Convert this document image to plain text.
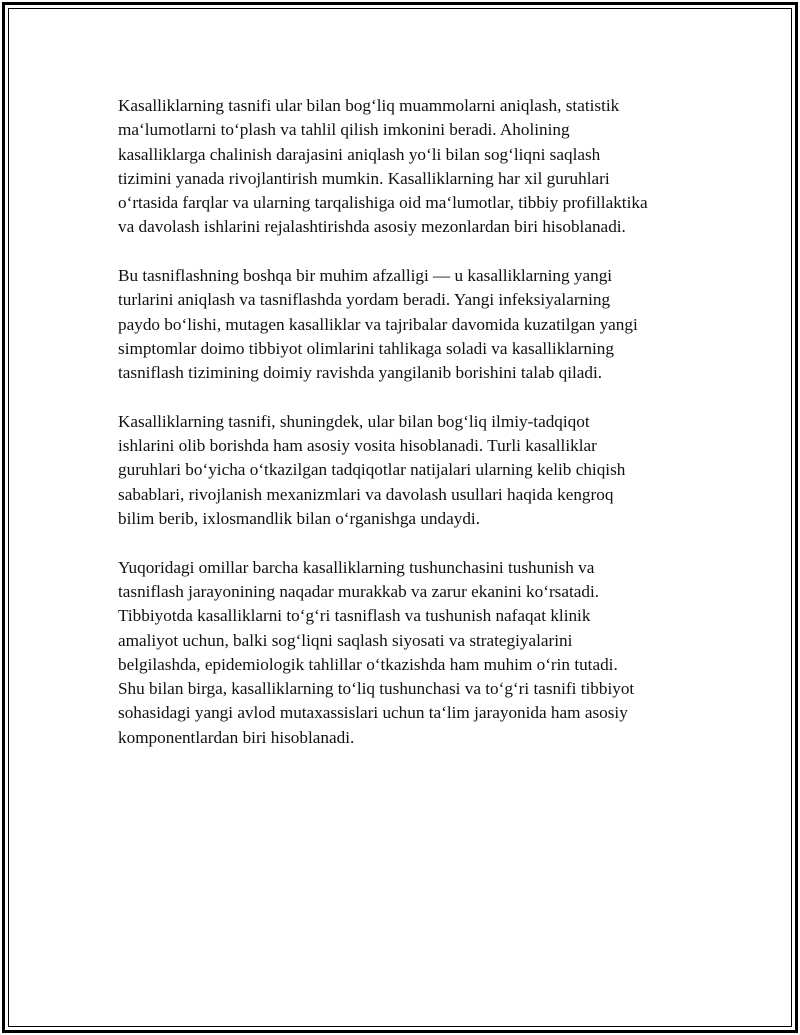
Kasalliklarning tasnifi ular bilan bog‘liq muammolarni aniqlash, statistik
ma‘lumotlarni to‘plash va tahlil qilish imkonini beradi. Aholining
kasalliklarga chalinish darajasini aniqlash yo‘li bilan sog‘liqni saqlash
tizimini yanada rivojlantirish mumkin. Kasalliklarning har xil guruhlari
o‘rtasida farqlar va ularning tarqalishiga oid ma‘lumotlar, tibbiy profillaktika
va davolash ishlarini rejalashtirishda asosiy mezonlardan biri hisoblanadi.

Bu tasniflashning boshqa bir muhim afzalligi — u kasalliklarning yangi
turlarini aniqlash va tasniflashda yordam beradi. Yangi infeksiyalarning
paydo bo‘lishi, mutagen kasalliklar va tajribalar davomida kuzatilgan yangi
simptomlar doimo tibbiyot olimlarini tahlikaga soladi va kasalliklarning
tasniflash tizimining doimiy ravishda yangilanib borishini talab qiladi.

Kasalliklarning tasnifi, shuningdek, ular bilan bog‘liq ilmiy-tadqiqot
ishlarini olib borishda ham asosiy vosita hisoblanadi. Turli kasalliklar
guruhlari bo‘yicha o‘tkazilgan tadqiqotlar natijalari ularning kelib chiqish
sabablari, rivojlanish mexanizmlari va davolash usullari haqida kengroq
bilim berib, ixlosmandlik bilan o‘rganishga undaydi.

Yuqoridagi omillar barcha kasalliklarning tushunchasini tushunish va
tasniflash jarayonining naqadar murakkab va zarur ekanini ko‘rsatadi.
Tibbiyotda kasalliklarni to‘g‘ri tasniflash va tushunish nafaqat klinik
amaliyot uchun, balki sog‘liqni saqlash siyosati va strategiyalarini
belgilashda, epidemiologik tahlillar o‘tkazishda ham muhim o‘rin tutadi.
Shu bilan birga, kasalliklarning to‘liq tushunchasi va to‘g‘ri tasnifi tibbiyot
sohasidagi yangi avlod mutaxassislari uchun ta‘lim jarayonida ham asosiy
komponentlardan biri hisoblanadi.
